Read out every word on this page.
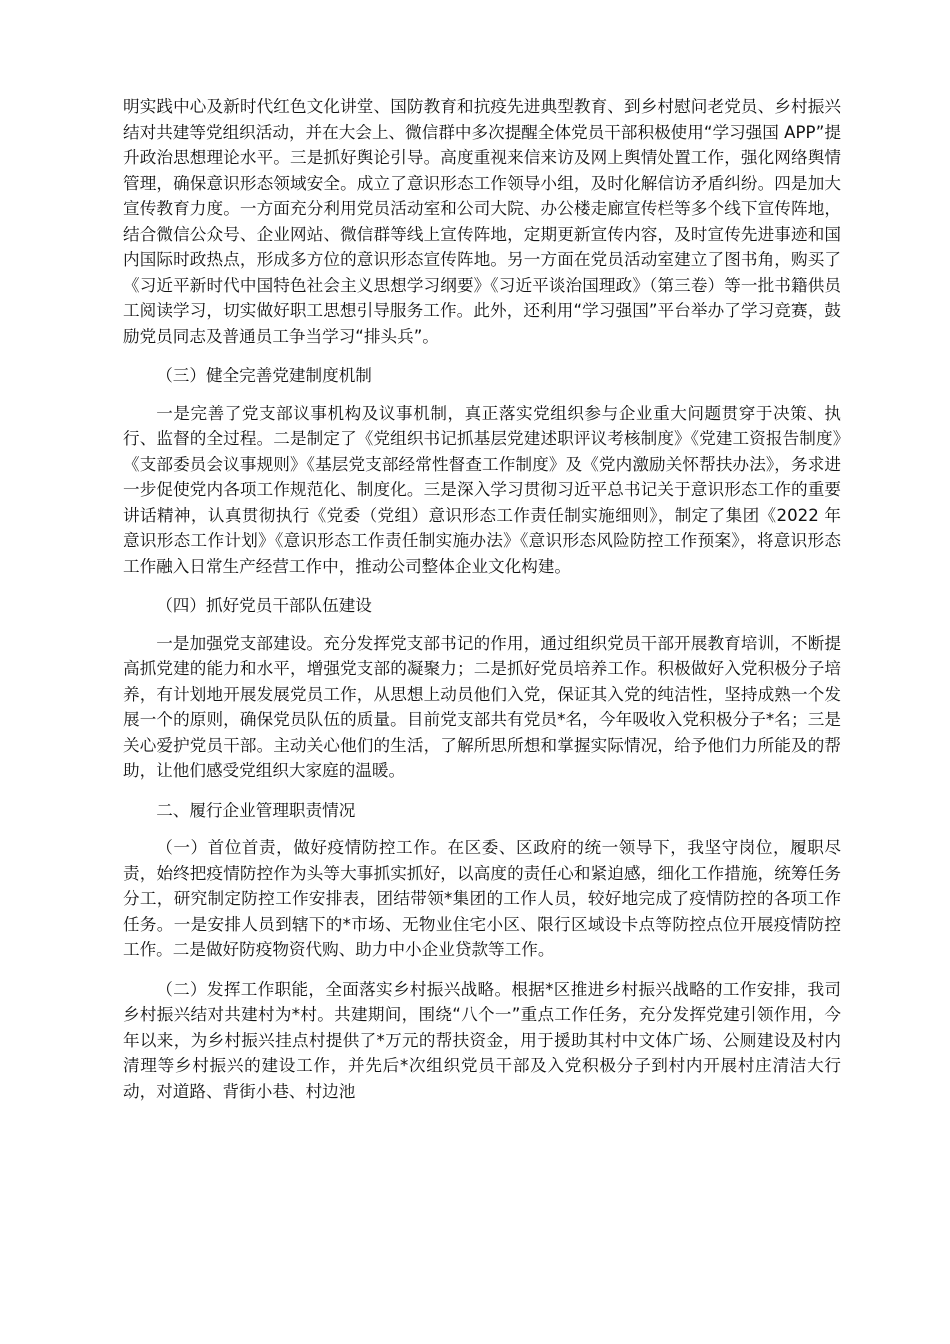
明实践中心及新时代红色文化讲堂、国防教育和抗疫先进典型教育、到乡村慰问老党员、乡村振兴结对共建等党组织活动，并在大会上、微信群中多次提醒全体党员干部积极使用“学习强国 APP”提升政治思想理论水平。三是抓好舆论引导。高度重视来信来访及网上舆情处置工作，强化网络舆情管理，确保意识形态领域安全。成立了意识形态工作领导小组，及时化解信访矛盾纠纷。四是加大宣传教育力度。一方面充分利用党员活动室和公司大院、办公楼走廊宣传栏等多个线下宣传阵地，结合微信公众号、企业网站、微信群等线上宣传阵地，定期更新宣传内容，及时宣传先进事迹和国内国际时政热点，形成多方位的意识形态宣传阵地。另一方面在党员活动室建立了图书角，购买了《习近平新时代中国特色社会主义思想学习纲要》《习近平谈治国理政》（第三卷）等一批书籍供员工阅读学习，切实做好职工思想引导服务工作。此外，还利用“学习强国”平台举办了学习竞赛，鼓励党员同志及普通员工争当学习“排头兵”。

（三）健全完善党建制度机制

一是完善了党支部议事机构及议事机制，真正落实党组织参与企业重大问题贯穿于决策、执行、监督的全过程。二是制定了《党组织书记抓基层党建述职评议考核制度》《党建工资报告制度》《支部委员会议事规则》《基层党支部经常性督查工作制度》及《党内激励关怀帮扶办法》，务求进一步促使党内各项工作规范化、制度化。三是深入学习贯彻习近平总书记关于意识形态工作的重要讲话精神，认真贯彻执行《党委（党组）意识形态工作责任制实施细则》，制定了集团《2022 年意识形态工作计划》《意识形态工作责任制实施办法》《意识形态风险防控工作预案》，将意识形态工作融入日常生产经营工作中，推动公司整体企业文化构建。

（四）抓好党员干部队伍建设

一是加强党支部建设。充分发挥党支部书记的作用，通过组织党员干部开展教育培训，不断提高抓党建的能力和水平，增强党支部的凝聚力；二是抓好党员培养工作。积极做好入党积极分子培养，有计划地开展发展党员工作，从思想上动员他们入党，保证其入党的纯洁性，坚持成熟一个发展一个的原则，确保党员队伍的质量。目前党支部共有党员*名，今年吸收入党积极分子*名；三是关心爱护党员干部。主动关心他们的生活，了解所思所想和掌握实际情况，给予他们力所能及的帮助，让他们感受党组织大家庭的温暖。

二、履行企业管理职责情况

（一）首位首责，做好疫情防控工作。在区委、区政府的统一领导下，我坚守岗位，履职尽责，始终把疫情防控作为头等大事抓实抓好，以高度的责任心和紧迫感，细化工作措施，统筹任务分工，研究制定防控工作安排表，团结带领*集团的工作人员，较好地完成了疫情防控的各项工作任务。一是安排人员到辖下的*市场、无物业住宅小区、限行区域设卡点等防控点位开展疫情防控工作。二是做好防疫物资代购、助力中小企业贷款等工作。

（二）发挥工作职能，全面落实乡村振兴战略。根据*区推进乡村振兴战略的工作安排，我司乡村振兴结对共建村为*村。共建期间，围绕“八个一”重点工作任务，充分发挥党建引领作用，今年以来，为乡村振兴挂点村提供了*万元的帮扶资金，用于援助其村中文体广场、公厕建设及村内清理等乡村振兴的建设工作，并先后*次组织党员干部及入党积极分子到村内开展村庄清洁大行动，对道路、背街小巷、村边池
